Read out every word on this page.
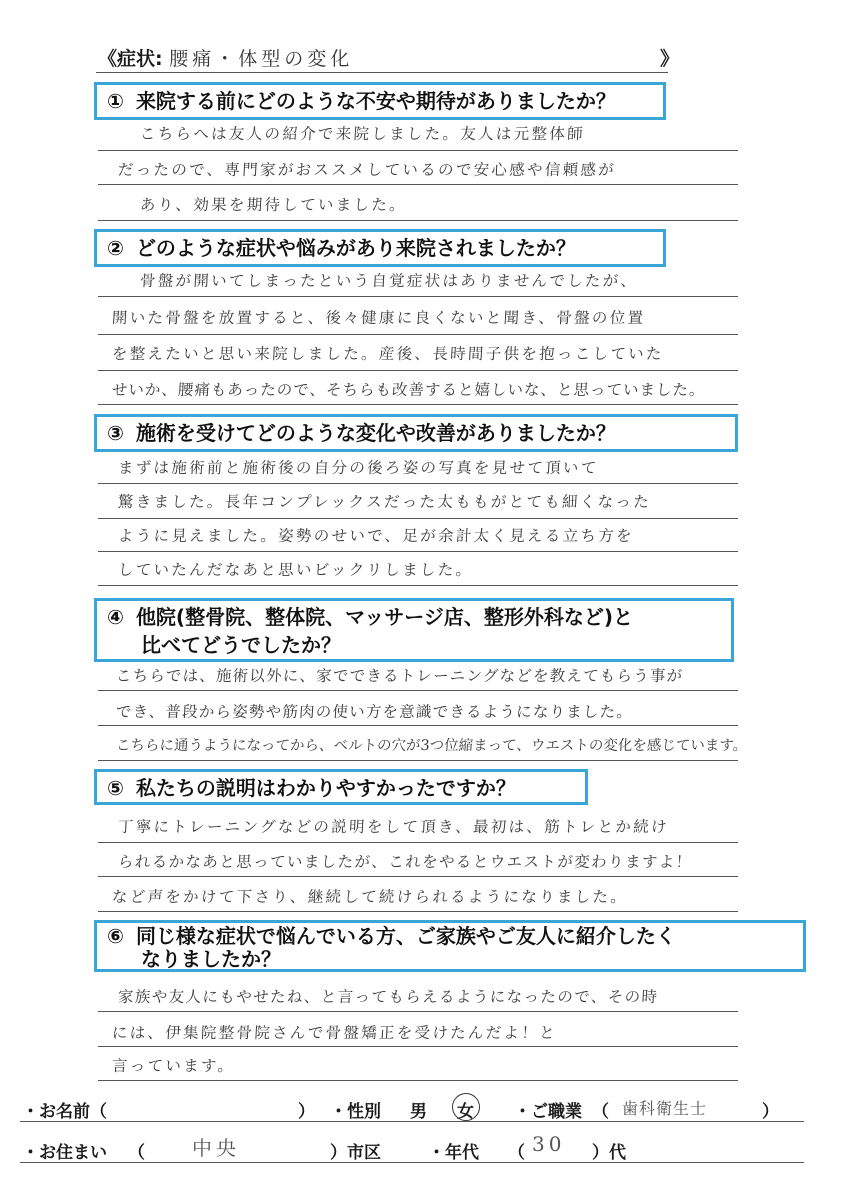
《症状: 腰痛・体型の変化	》
① 来院する前にどのような不安や期待がありましたか？
こちらへは友人の紹介で来院しました。友人は元整体師
だったので、専門家がおススメしているので安心感や信頼感が
あり、効果を期待していました。
② どのような症状や悩みがあり来院されましたか？
骨盤が開いてしまったという自覚症状はありませんでしたが、
開いた骨盤を放置すると、後々健康に良くないと聞き、骨盤の位置
を整えたいと思い来院しました。産後、長時間子供を抱っこしていた
せいか、腰痛もあったので、そちらも改善すると嬉しいな、と思っていました。
③ 施術を受けてどのような変化や改善がありましたか？
まずは施術前と施術後の自分の後ろ姿の写真を見せて頂いて
驚きました。長年コンプレックスだった太ももがとても細くなった
ように見えました。姿勢のせいで、足が余計太く見える立ち方を
していたんだなあと思いビックリしました。
④ 他院(整骨院、整体院、マッサージ店、整形外科など)と
比べてどうでしたか？
こちらでは、施術以外に、家でできるトレーニングなどを教えてもらう事が
でき、普段から姿勢や筋肉の使い方を意識できるようになりました。
こちらに通うようになってから、ベルトの穴が3つ位縮まって、ウエストの変化を感じています。
⑤ 私たちの説明はわかりやすかったですか？
丁寧にトレーニングなどの説明をして頂き、最初は、筋トレとか続け
られるかなあと思っていましたが、これをやるとウエストが変わりますよ！
など声をかけて下さり、継続して続けられるようになりました。
⑥ 同じ様な症状で悩んでいる方、ご家族やご友人に紹介したく
なりましたか？
家族や友人にもやせたね、と言ってもらえるようになったので、その時
には、伊集院整骨院さんで骨盤矯正を受けたんだよ！と
言っています。
・お名前（	） ・性別 男 女 ・ご職業 （ 歯科衛生士	）
・お住まい （ 中央	）市区	・年代 （ 30 ）代
